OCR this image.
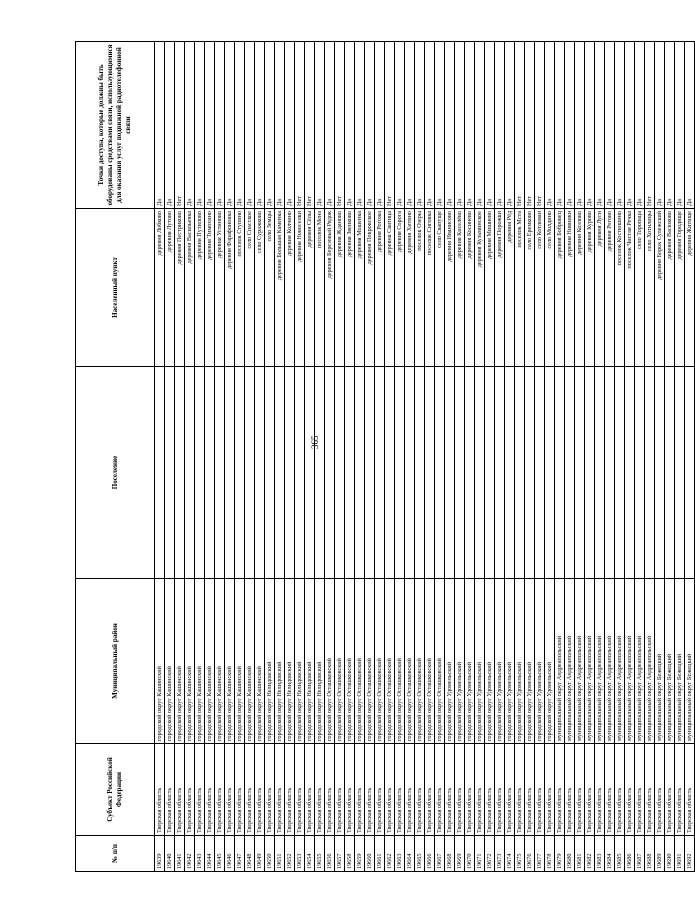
365
№ п/п	Субъект Российской Федерации	Муниципальный район	Поселение	Населенный пункт	Точки доступа, которые должны быть оборудованы средствами связи, использующимися для оказания услуг подвижной радиотелефонной связи
19639	Тверская область	городской округ Кашинский		деревня Лобково	Да
19640	Тверская область	городской округ Кашинский		деревня Лутово	Да
19641	Тверская область	городской округ Кашинский		деревня Пестриково	Нет
19642	Тверская область	городской округ Кашинский		деревня Васильевка	Да
19643	Тверская область	городской округ Кашинский		деревня Путилово	Да
19644	Тверская область	городской округ Кашинский		деревня Тимохино	Да
19645	Тверская область	городской округ Кашинский		деревня Устиново	Да
19646	Тверская область	городской округ Кашинский		деревня Фарафоновка	Да
19647	Тверская область	городской округ Кашинский		поселок Ступино	Да
19648	Тверская область	городской округ Кашинский		село Спасское	Да
19649	Тверская область	городской округ Кашинский		село Суражково	Да
19650	Тверская область	городской округ Нелидовский		село Земцы	Да
19651	Тверская область	городской округ Нелидовский		деревня Большая Каменка	Да
19652	Тверская область	городской округ Нелидовский		деревня Колчино	Да
19653	Тверская область	городской округ Нелидовский		деревня Новоселки	Нет
19654	Тверская область	городской округ Нелидовский		деревня Сёлы	Нет
19655	Тверская область	городской округ Нелидовский		поселок Мена	Да
19656	Тверская область	городской округ Осташковский		деревня Березовый Рядок	Да
19657	Тверская область	городской округ Осташковский		деревня Жданово	Нет
19658	Тверская область	городской округ Осташковский		деревня Звенково	Да
19659	Тверская область	городской округ Осташковский		деревня Мошенка	Да
19660	Тверская область	городской округ Осташковский		деревня Покровское	Да
19661	Тверская область	городской округ Осташковский		деревня Рогожа	Да
19662	Тверская область	городской округ Осташковский		деревня Святица	Нет
19663	Тверская область	городской округ Осташковский		деревня Сорога	Да
19664	Тверская область	городской округ Осташковский		деревня Хитино	Да
19665	Тверская область	городской округ Осташковский		поселок Озеры	Да
19666	Тверская область	городской округ Осташковский		поселок Сиговка	Да
19667	Тверская область	городской округ Осташковский		село Свапуще	Да
19668	Тверская область	городской округ Удомельский		деревня Иванисово	Да
19669	Тверская область	городской округ Удомельский		деревня Киселёво	Да
19670	Тверская область	городской округ Удомельский		деревня Косинево	Да
19671	Тверская область	городской округ Удомельский		деревня Кузьминское	Да
19672	Тверская область	городской округ Удомельский		деревня Мишнево	Да
19673	Тверская область	городской округ Удомельский		деревня Порожки	Да
19674	Тверская область	городской округ Удомельский		деревня Рёд	Да
19675	Тверская область	городской округ Удомельский		поселок Мста	Нет
19676	Тверская область	городской округ Удомельский		село Еремково	Нет
19677	Тверская область	городской округ Удомельский		село Котлован	Нет
19678	Тверская область	городской округ Удомельский		село Молдино	Да
19679	Тверская область	муниципальный округ Андреапольский		деревня Бобровец	Да
19680	Тверская область	муниципальный округ Андреапольский		деревня Нивники	Да
19681	Тверская область	муниципальный округ Андреапольский		деревня Козлово	Да
19682	Тверская область	муниципальный округ Андреапольский		деревня Курово	Да
19683	Тверская область	муниципальный округ Андреапольский		деревня Луги	Да
19684	Тверская область	муниципальный округ Андреапольский		деревня Роговo	Да
19685	Тверская область	муниципальный округ Андреапольский		поселок Костюшино	Да
19686	Тверская область	муниципальный округ Андреапольский		поселок Чистая Речка	Да
19687	Тверская область	муниципальный округ Андреапольский		село Торопаца	Да
19688	Тверская область	муниципальный округ Андреапольский		село Хотилицы	Нет
19689	Тверская область	муниципальный округ Бежецкий		деревня Борок Сулежский	Да
19690	Тверская область	муниципальный округ Бежецкий		деревня Васюково	Да
19691	Тверская область	муниципальный округ Бежецкий		деревня Городище	Да
19692	Тверская область	муниципальный округ Бежецкий		деревня Житище	Да
